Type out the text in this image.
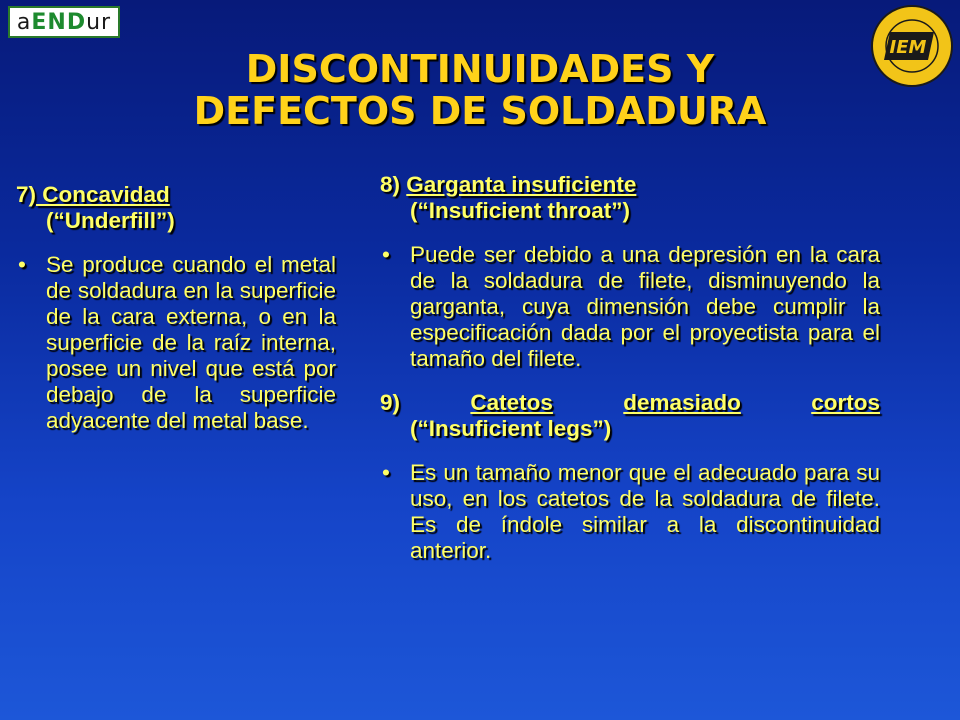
a END ur
IEM
DISCONTINUIDADES Y
DEFECTOS DE SOLDADURA
7) Concavidad
(“Underfill”)
• Se produce cuando el metal de soldadura en la superficie de la cara externa, o en la superficie de la raíz interna, posee un nivel que está por debajo de la superficie adyacente del metal base.
8) Garganta insuficiente
(“Insuficient throat”)
• Puede ser debido a una depresión en la cara de la soldadura de filete, disminuyendo la garganta, cuya dimensión debe cumplir la especificación dada por el proyectista para el tamaño del filete.
9)	Catetos	demasiado	cortos
(“Insuficient legs”)
• Es un tamaño menor que el adecuado para su uso, en los catetos de la soldadura de filete. Es de índole similar a la discontinuidad anterior.
